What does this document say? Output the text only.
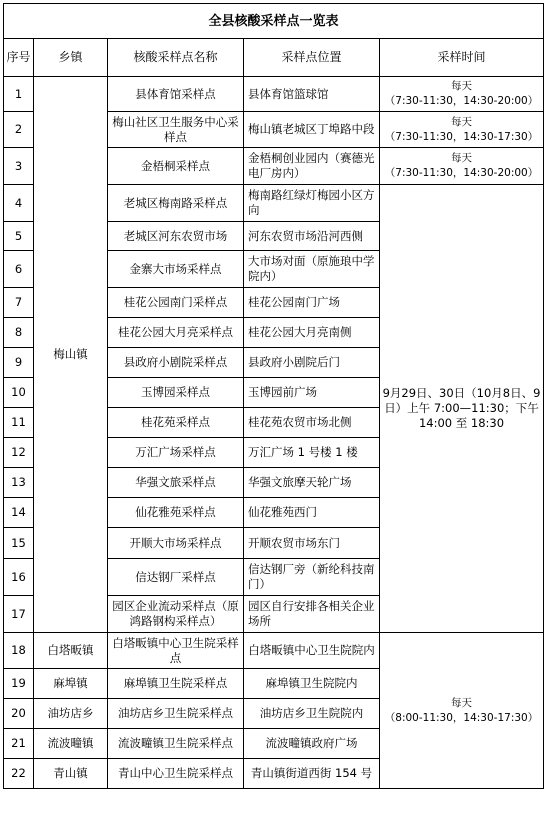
全县核酸采样点一览表				
序号	乡镇	核酸采样点名称	采样点位置	采样时间
1	梅山镇	县体育馆采样点	县体育馆篮球馆	每天
（7:30-11:30，14:30-20:00）

2		梅山社区卫生服务中心采样点	梅山镇老城区丁埠路中段	每天
（7:30-11:30，14:30-17:30）

3		金梧桐采样点	金梧桐创业园内（赛德光电厂房内）	每天
（7:30-11:30，14:30-20:00）

4		老城区梅南路采样点	梅南路红绿灯梅园小区方向	9月29日、30日（10月8日、9日）上午 7:00—11:30；下午 14:00 至 18:30
5		老城区河东农贸市场	河东农贸市场沿河西侧	
6		金寨大市场采样点	大市场对面（原施琅中学院内）	
7		桂花公园南门采样点	桂花公园南门广场	
8		桂花公园大月亮采样点	桂花公园大月亮南侧	
9		县政府小剧院采样点	县政府小剧院后门	
10		玉博园采样点	玉博园前广场	
11		桂花苑采样点	桂花苑农贸市场北侧	
12		万汇广场采样点	万汇广场 1 号楼 1 楼	
13		华强文旅采样点	华强文旅摩天轮广场	
14		仙花雅苑采样点	仙花雅苑西门	
15		开顺大市场采样点	开顺农贸市场东门	
16		信达钢厂采样点	信达钢厂旁（新纶科技南门）	
17		园区企业流动采样点（原鸿路钢构采样点）	园区自行安排各相关企业场所	
18	白塔畈镇	白塔畈镇中心卫生院采样点	白塔畈镇中心卫生院院内	每天
（8:00-11:30，14:30-17:30）

19	麻埠镇	麻埠镇卫生院采样点	麻埠镇卫生院院内	
20	油坊店乡	油坊店乡卫生院采样点	油坊店乡卫生院院内	
21	流波疃镇	流波疃镇卫生院采样点	流波疃镇政府广场	
22	青山镇	青山中心卫生院采样点	青山镇街道西街 154 号	
